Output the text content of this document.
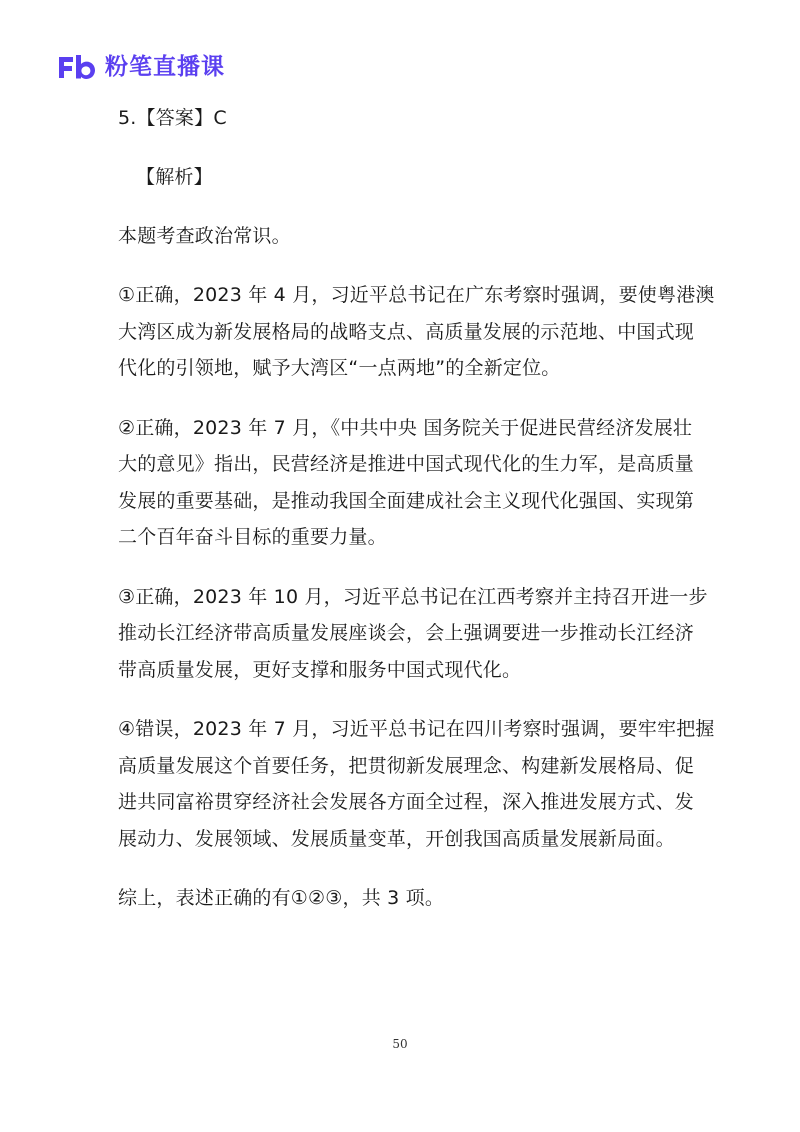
粉笔直播课
5.【答案】C
【解析】
本题考查政治常识。
①正确，2023 年 4 月，习近平总书记在广东考察时强调，要使粤港澳
大湾区成为新发展格局的战略支点、高质量发展的示范地、中国式现
代化的引领地，赋予大湾区“一点两地”的全新定位。
②正确，2023 年 7 月，《中共中央 国务院关于促进民营经济发展壮
大的意见》指出，民营经济是推进中国式现代化的生力军，是高质量
发展的重要基础，是推动我国全面建成社会主义现代化强国、实现第
二个百年奋斗目标的重要力量。
③正确，2023 年 10 月，习近平总书记在江西考察并主持召开进一步
推动长江经济带高质量发展座谈会，会上强调要进一步推动长江经济
带高质量发展，更好支撑和服务中国式现代化。
④错误，2023 年 7 月，习近平总书记在四川考察时强调，要牢牢把握
高质量发展这个首要任务，把贯彻新发展理念、构建新发展格局、促
进共同富裕贯穿经济社会发展各方面全过程，深入推进发展方式、发
展动力、发展领域、发展质量变革，开创我国高质量发展新局面。
综上，表述正确的有①②③，共 3 项。
50
